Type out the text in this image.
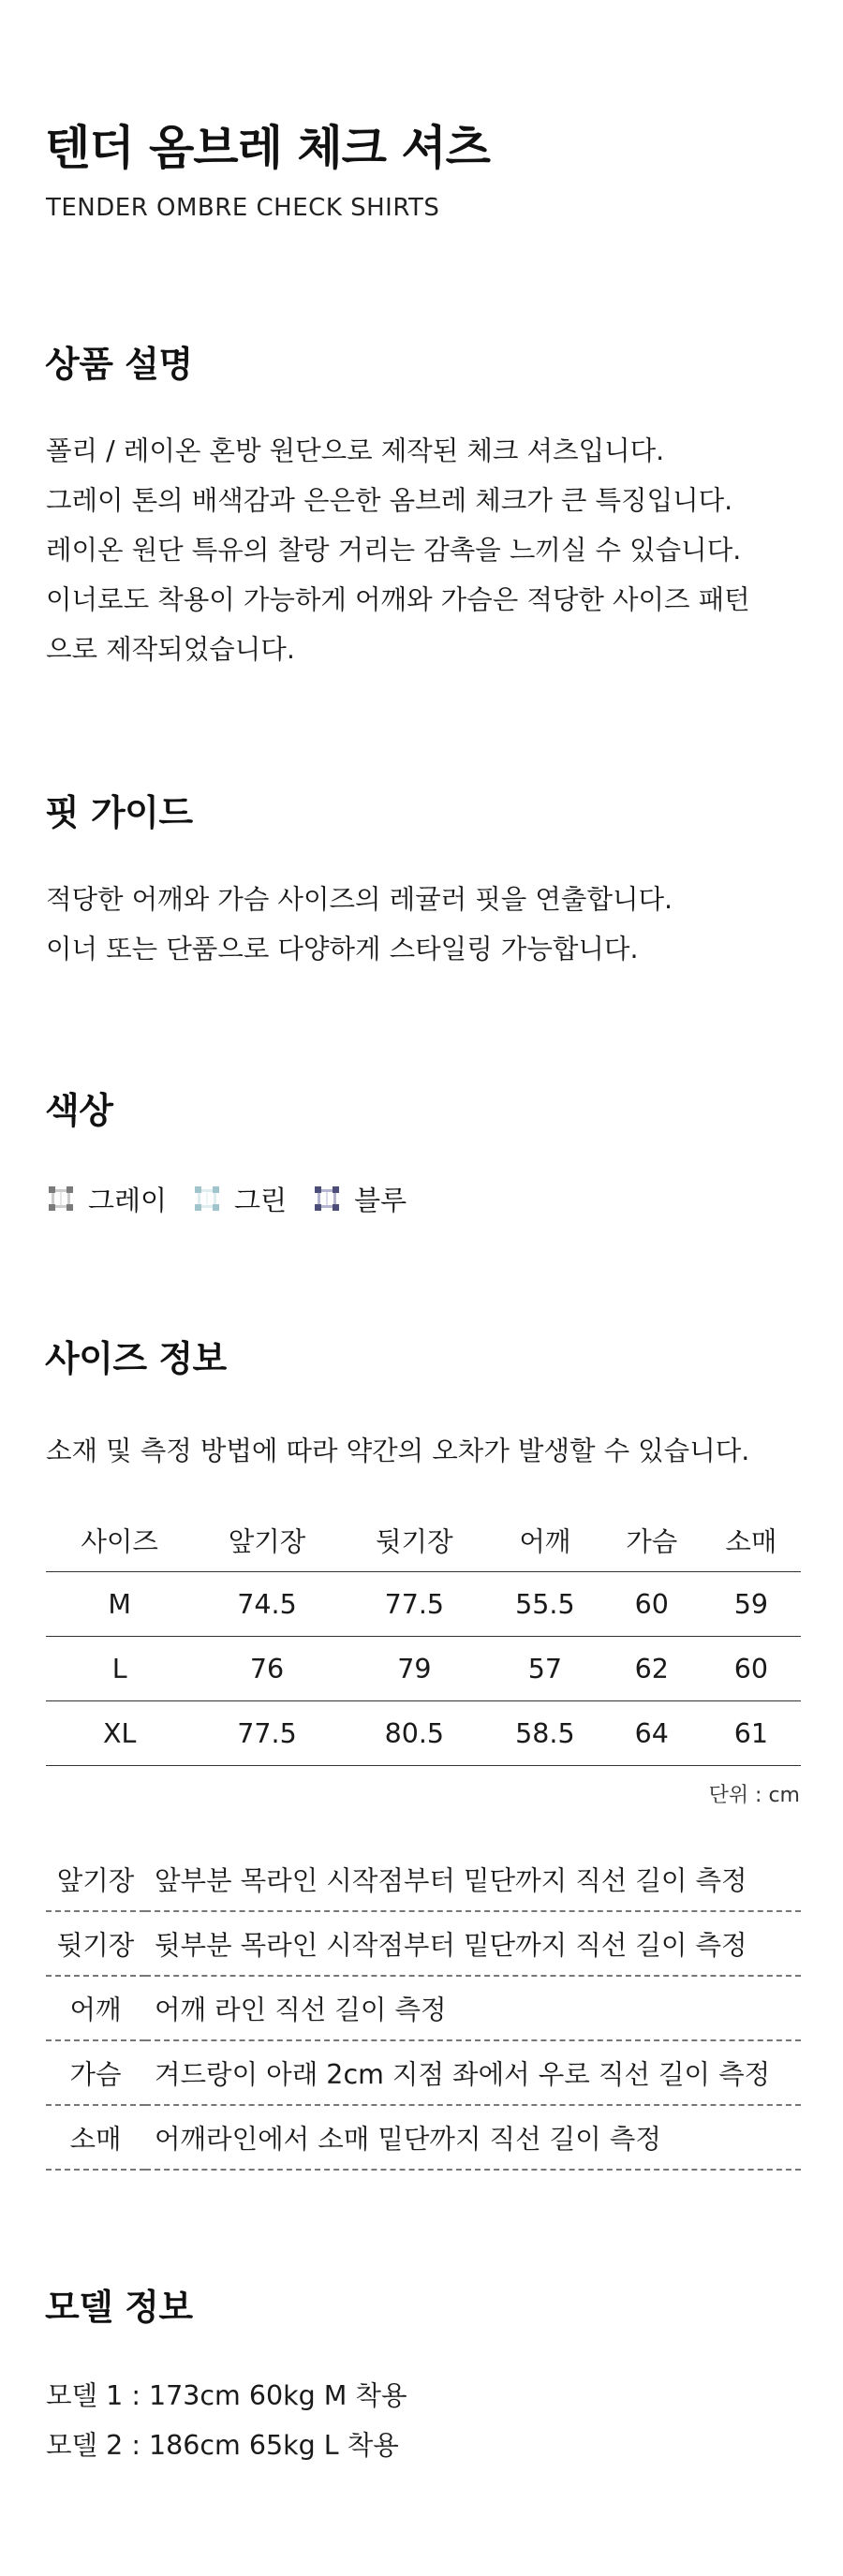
텐더 옴브레 체크 셔츠
TENDER OMBRE CHECK SHIRTS
상품 설명
폴리 / 레이온 혼방 원단으로 제작된 체크 셔츠입니다.
그레이 톤의 배색감과 은은한 옴브레 체크가 큰 특징입니다.
레이온 원단 특유의 찰랑 거리는 감촉을 느끼실 수 있습니다.
이너로도 착용이 가능하게 어깨와 가슴은 적당한 사이즈 패턴
으로 제작되었습니다.
핏 가이드
적당한 어깨와 가슴 사이즈의 레귤러 핏을 연출합니다.
이너 또는 단품으로 다양하게 스타일링 가능합니다.
색상
그레이 그린 블루
사이즈 정보
소재 및 측정 방법에 따라 약간의 오차가 발생할 수 있습니다.
사이즈	앞기장	뒷기장	어깨	가슴	소매
M	74.5	77.5	55.5	60	59
L	76	79	57	62	60
XL	77.5	80.5	58.5	64	61
단위 : cm
앞기장	앞부분 목라인 시작점부터 밑단까지 직선 길이 측정
뒷기장	뒷부분 목라인 시작점부터 밑단까지 직선 길이 측정
어깨	어깨 라인 직선 길이 측정
가슴	겨드랑이 아래 2cm 지점 좌에서 우로 직선 길이 측정
소매	어깨라인에서 소매 밑단까지 직선 길이 측정
모델 정보
모델 1 : 173cm 60kg M 착용
모델 2 : 186cm 65kg L 착용
